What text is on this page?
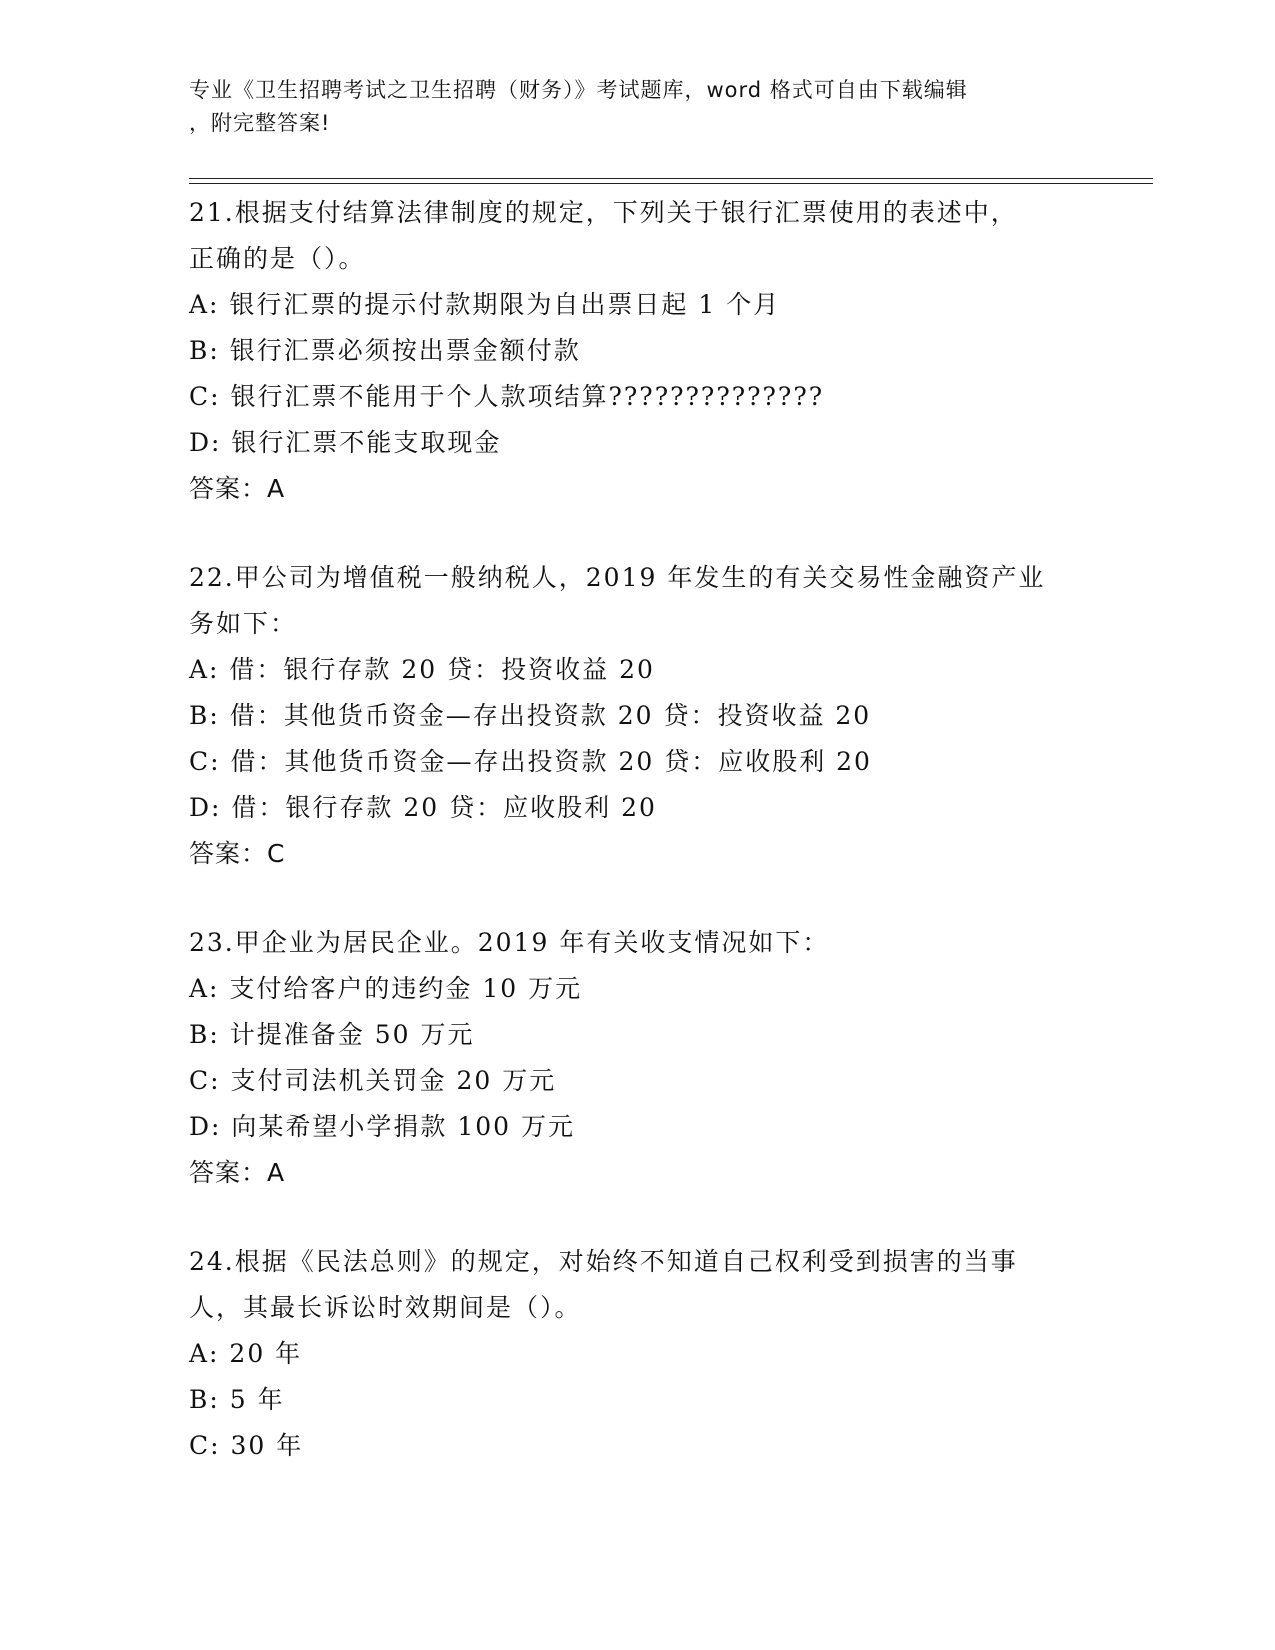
专业《卫生招聘考试之卫生招聘（财务）》考试题库，word 格式可自由下载编辑
，附完整答案!
21.根据支付结算法律制度的规定，下列关于银行汇票使用的表述中，
正确的是（）。
A: 银行汇票的提示付款期限为自出票日起 1 个月
B: 银行汇票必须按出票金额付款
C: 银行汇票不能用于个人款项结算??????????????
D: 银行汇票不能支取现金
答案：A
22.甲公司为增值税一般纳税人，2019 年发生的有关交易性金融资产业
务如下：
A: 借：银行存款 20 贷：投资收益 20
B: 借：其他货币资金—存出投资款 20 贷：投资收益 20
C: 借：其他货币资金—存出投资款 20 贷：应收股利 20
D: 借：银行存款 20 贷：应收股利 20
答案：C
23.甲企业为居民企业。2019 年有关收支情况如下：
A: 支付给客户的违约金 10 万元
B: 计提准备金 50 万元
C: 支付司法机关罚金 20 万元
D: 向某希望小学捐款 100 万元
答案：A
24.根据《民法总则》的规定，对始终不知道自己权利受到损害的当事
人，其最长诉讼时效期间是（）。
A: 20 年
B: 5 年
C: 30 年
